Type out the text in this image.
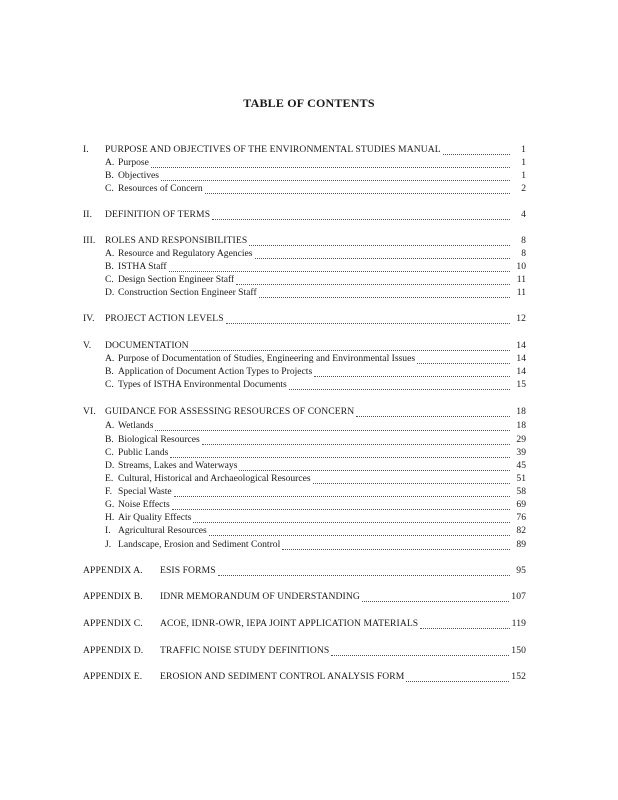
TABLE OF CONTENTS
I.	PURPOSE AND OBJECTIVES OF THE ENVIRONMENTAL STUDIES MANUAL	1
A. Purpose	1
B. Objectives	1
C. Resources of Concern	2
II.	DEFINITION OF TERMS	4
III.	ROLES AND RESPONSIBILITIES	8
A. Resource and Regulatory Agencies	8
B. ISTHA Staff	10
C. Design Section Engineer Staff	11
D. Construction Section Engineer Staff	11
IV.	PROJECT ACTION LEVELS	12
V.	DOCUMENTATION	14
A. Purpose of Documentation of Studies, Engineering and Environmental Issues	14
B. Application of Document Action Types to Projects	14
C. Types of ISTHA Environmental Documents	15
VI. GUIDANCE FOR ASSESSING RESOURCES OF CONCERN	18
A. Wetlands	18
B. Biological Resources	29
C. Public Lands	39
D. Streams, Lakes and Waterways	45
E. Cultural, Historical and Archaeological Resources	51
F. Special Waste	58
G. Noise Effects	69
H. Air Quality Effects	76
I. Agricultural Resources	82
J. Landscape, Erosion and Sediment Control	89
APPENDIX A.	ESIS FORMS	95
APPENDIX B.	IDNR MEMORANDUM OF UNDERSTANDING	107
APPENDIX C.	ACOE, IDNR-OWR, IEPA JOINT APPLICATION MATERIALS	119
APPENDIX D.	TRAFFIC NOISE STUDY DEFINITIONS	150
APPENDIX E.	EROSION AND SEDIMENT CONTROL ANALYSIS FORM	152
